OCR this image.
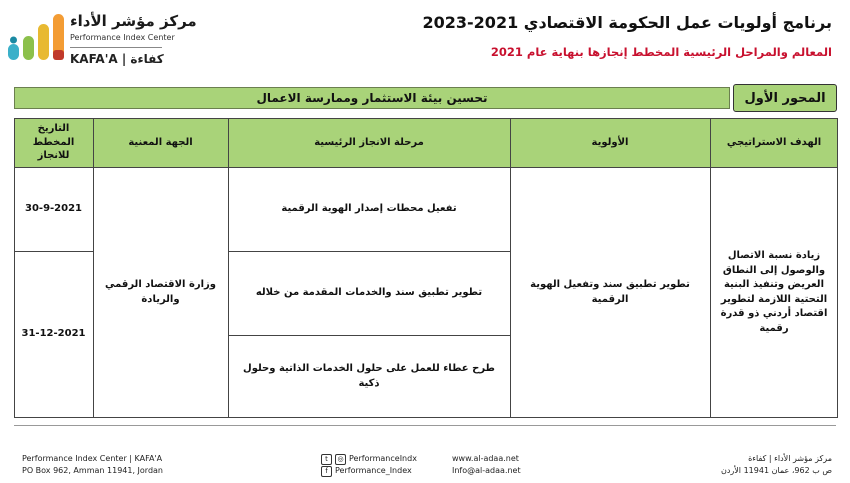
مركز مؤشر الأداء
Performance Index Center
KAFA'A | كفاءة
برنامج أولويات عمل الحكومة الاقتصادي 2021-2023
المعالم والمراحل الرئيسية المخطط إنجازها بنهاية عام 2021
تحسين بيئة الاستثمار وممارسة الاعمال	المحور الأول
الهدف الاستراتيجي
الأولوية
مرحلة الانجاز الرئيسية
الجهة المعنية
التاريخ المخطط للانجاز
زيادة نسبة الاتصال والوصول إلى النطاق العريض وتنفيذ البنية التحتية اللازمة لتطوير اقتصاد أردني ذو قدرة رقمية
تطوير تطبيق سند وتفعيل الهوية الرقمية
تفعيل محطات إصدار الهوية الرقمية
تطوير تطبيق سند والخدمات المقدمة من خلاله
طرح عطاء للعمل على حلول الخدمات الذاتية وحلول ذكية
وزارة الاقتصاد الرقمي والريادة
30-9-2021
31-12-2021
Performance Index Center | KAFA'A
PO Box 962, Amman 11941, Jordan
t	◎ PerformanceIndx
f Performance_Index
www.al-adaa.net
Info@al-adaa.net
مركز مؤشر الأداء | كفاءة
ص ب 962، عمان 11941 الأردن
